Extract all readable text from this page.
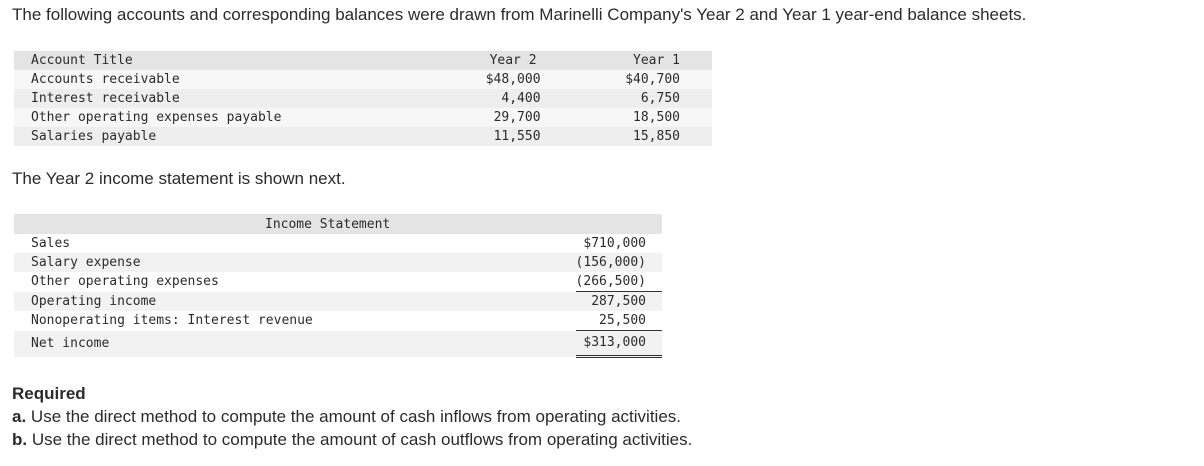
The following accounts and corresponding balances were drawn from Marinelli Company's Year 2 and Year 1 year-end balance sheets.
Account Title	Year 2	Year 1
Accounts receivable	$48,000	$40,700
Interest receivable	4,400	6,750
Other operating expenses payable	29,700	18,500
Salaries payable	11,550	15,850
The Year 2 income statement is shown next.
Income Statement	
Sales	$710,000
Salary expense	(156,000)
Other operating expenses	(266,500)
Operating income	287,500
Nonoperating items: Interest revenue	25,500
Net income	$313,000
Required
a. Use the direct method to compute the amount of cash inflows from operating activities.
b. Use the direct method to compute the amount of cash outflows from operating activities.
